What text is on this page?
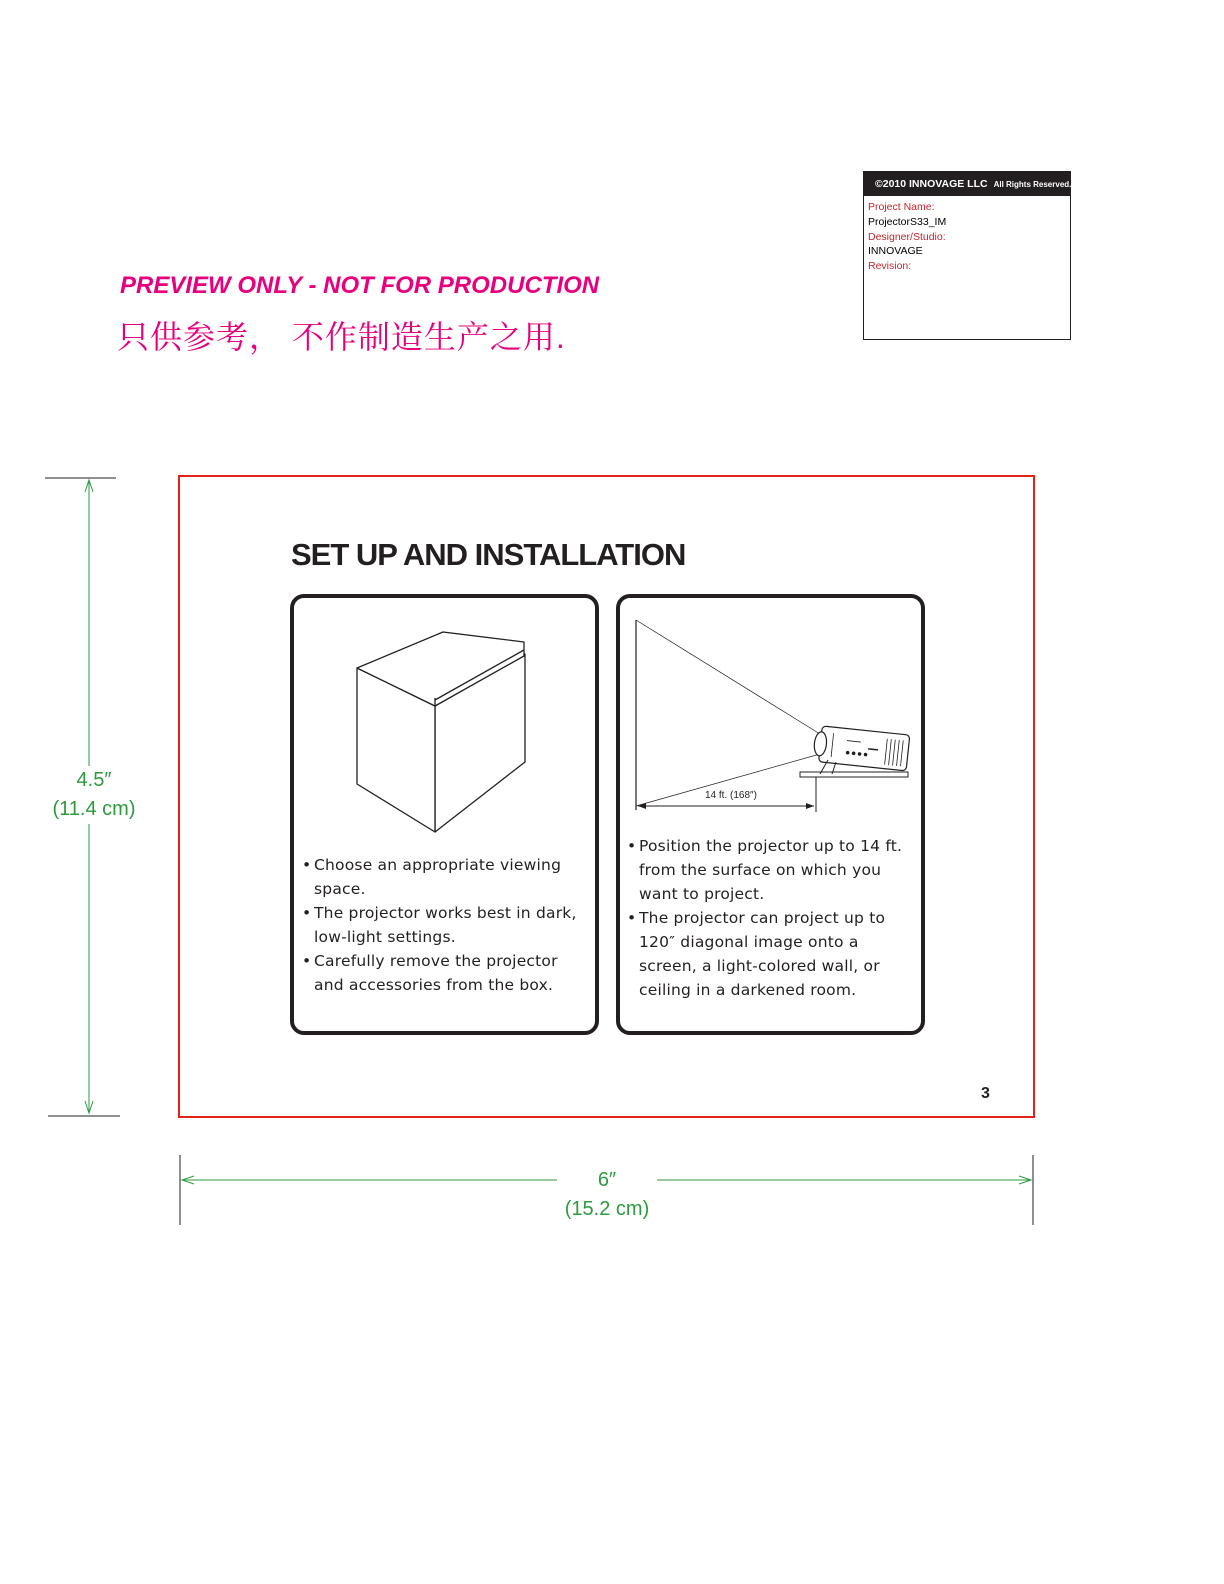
©2010 INNOVAGE LLC All Rights Reserved.
Project Name:
ProjectorS33_IM
Designer/Studio:
INNOVAGE
Revision:
PREVIEW ONLY - NOT FOR PRODUCTION
只供参考， 不作制造生产之用.
4.5″
(11.4 cm)
6″
(15.2 cm)
SET UP AND INSTALLATION
14 ft. (168″)
• Choose an appropriate viewing space.
• The projector works best in dark, low-light settings.
• Carefully remove the projector and accessories from the box.
• Position the projector up to 14 ft. from the surface on which you want to project.
• The projector can project up to 120″ diagonal image onto a screen, a light-colored wall, or ceiling in a darkened room.
3
